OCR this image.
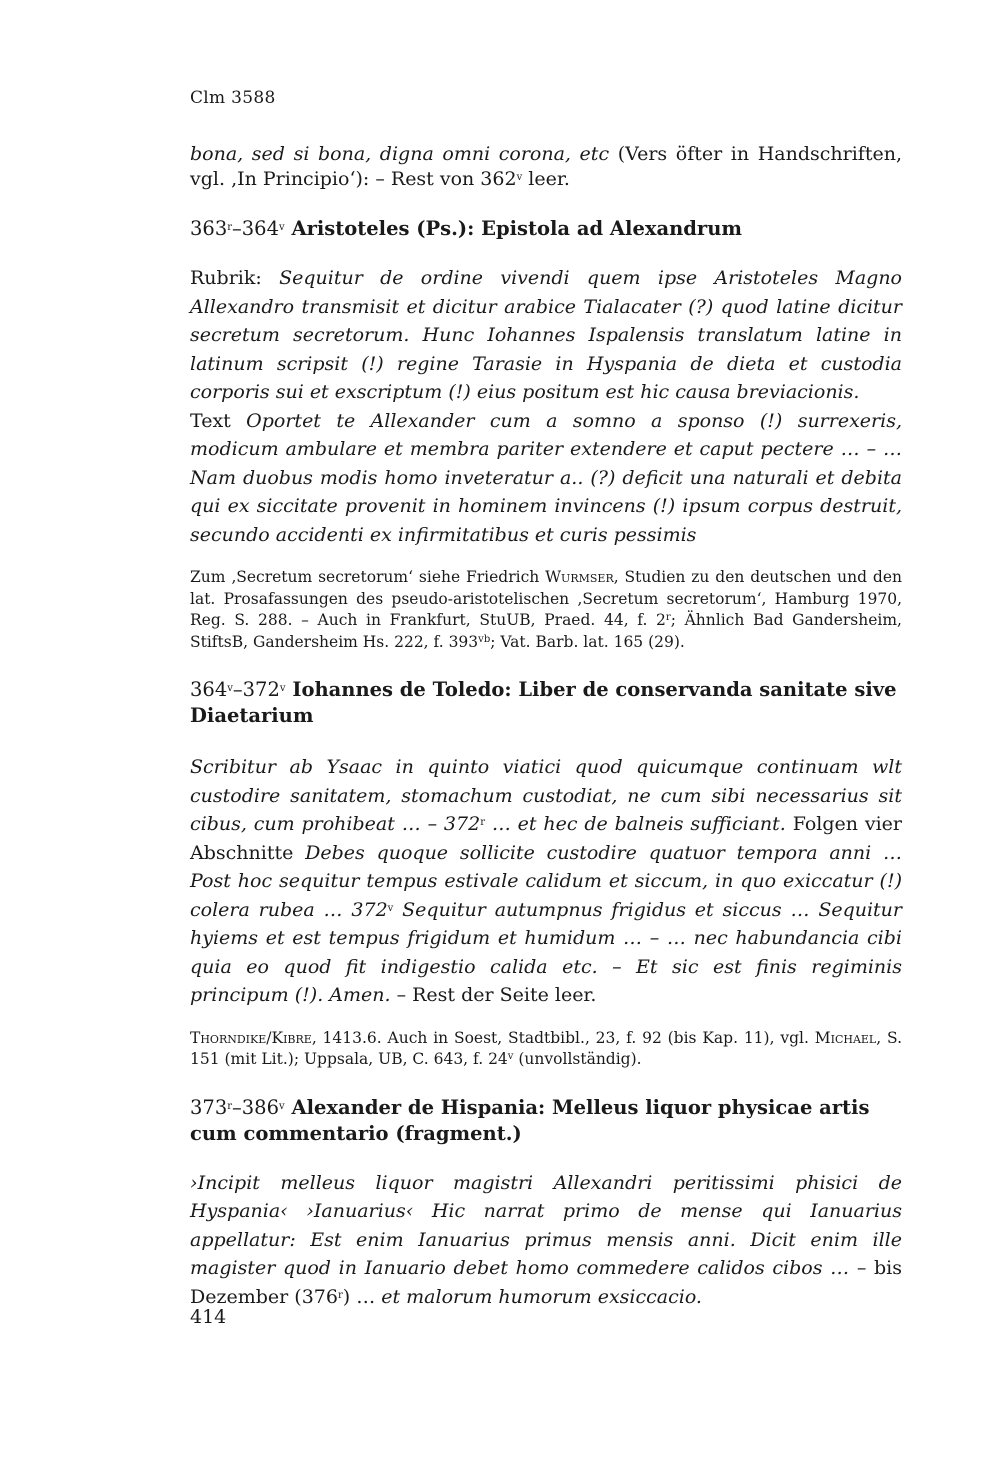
Clm 3588

bona, sed si bona, digna omni corona, etc (Vers öfter in Handschriften, vgl. ‚In Principio‘): – Rest von 362$^v$ leer.

363$^r$–364$^v$ Aristoteles (Ps.): Epistola ad Alexandrum

Rubrik: Sequitur de ordine vivendi quem ipse Aristoteles Magno Allexandro transmisit et dicitur arabice Tialacater (?) quod latine dicitur secretum secretorum. Hunc Iohannes Ispalensis translatum latine in latinum scripsit (!) regine Tarasie in Hyspania de dieta et custodia corporis sui et exscriptum (!) eius positum est hic causa breviacionis.

Text Oportet te Allexander cum a somno a sponso (!) surrexeris, modicum ambulare et membra pariter extendere et caput pectere … – … Nam duobus modis homo inveteratur a.. (?) deficit una naturali et debita qui ex siccitate provenit in hominem invincens (!) ipsum corpus destruit, secundo accidenti ex infirmitatibus et curis pessimis

Zum ‚Secretum secretorum‘ siehe Friedrich Wurmser, Studien zu den deutschen und den lat. Prosafassungen des pseudo-aristotelischen ‚Secretum secretorum‘, Hamburg 1970, Reg. S. 288. – Auch in Frankfurt, StuUB, Praed. 44, f. 2$^r$; Ähnlich Bad Gandersheim, StiftsB, Gandersheim Hs. 222, f. $393^{vb}$; Vat. Barb. lat. 165 (29).

364$^v$–372$^v$ Iohannes de Toledo: Liber de conservanda sanitate sive Diaetarium

Scribitur ab Ysaac in quinto viatici quod quicumque continuam wlt custodire sanitatem, stomachum custodiat, ne cum sibi necessarius sit cibus, cum prohibeat … – 372$^r$ … et hec de balneis sufficiant. Folgen vier Abschnitte Debes quoque sollicite custodire quatuor tempora anni … Post hoc sequitur tempus estivale calidum et siccum, in quo exiccatur (!) colera rubea … 372$^v$ Sequitur autumpnus frigidus et siccus … Sequitur hyiems et est tempus frigidum et humidum … – … nec habundancia cibi quia eo quod fit indigestio calida etc. – Et sic est finis regiminis principum (!). Amen. – Rest der Seite leer.

Thorndike/Kibre, 1413.6. Auch in Soest, Stadtbibl., 23, f. 92 (bis Kap. 11), vgl. Michael, S. 151 (mit Lit.); Uppsala, UB, C. 643, f. 24$^v$ (unvollständig).

373$^r$–386$^v$ Alexander de Hispania: Melleus liquor physicae artis cum commentario (fragment.)

›Incipit melleus liquor magistri Allexandri peritissimi phisici de Hyspania‹ ›Ianuarius‹ Hic narrat primo de mense qui Ianuarius appellatur: Est enim Ianuarius primus mensis anni. Dicit enim ille magister quod in Ianuario debet homo commedere calidos cibos … – bis Dezember (376$^r$) … et malorum humorum exsiccacio.

414
